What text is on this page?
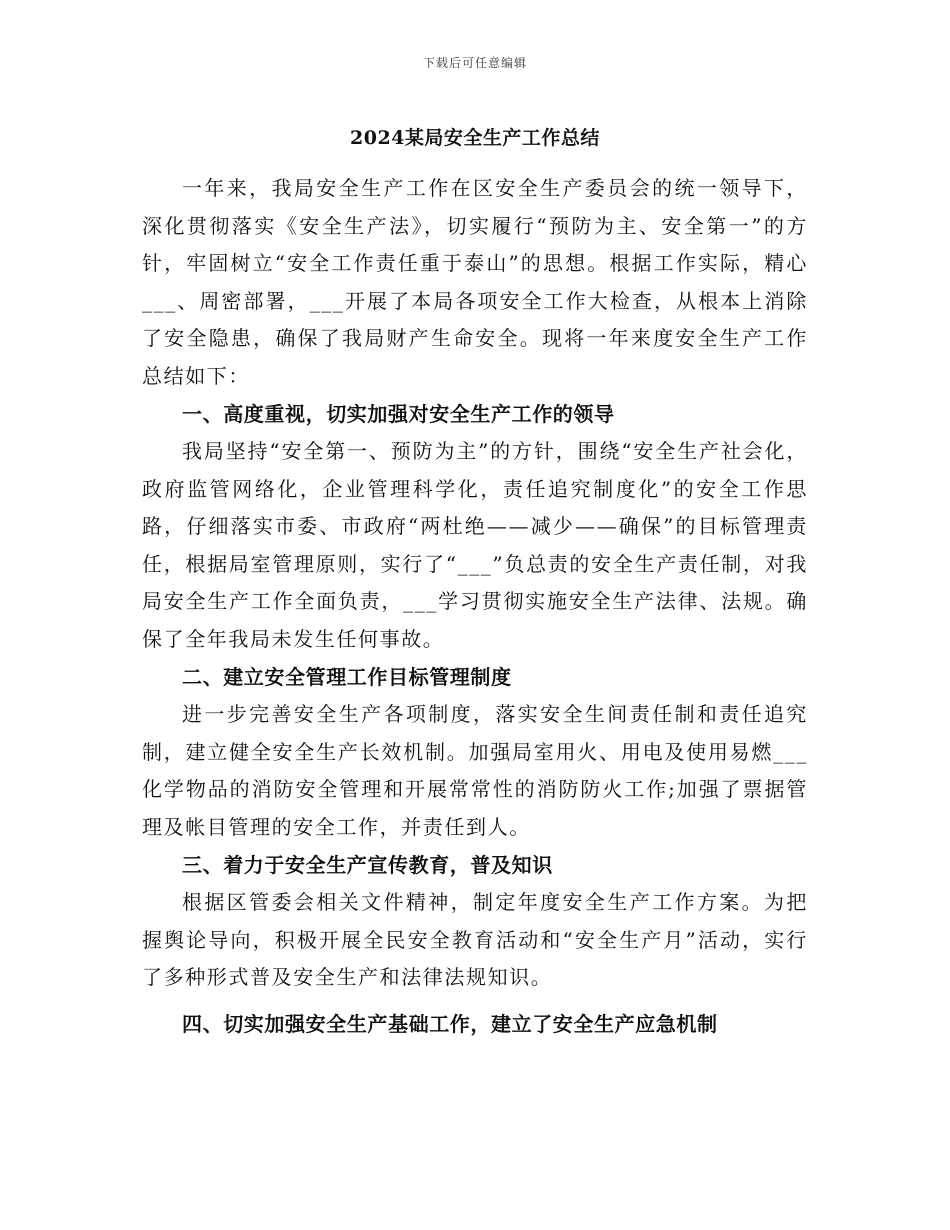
下载后可任意编辑
2024某局安全生产工作总结

一年来，我局安全生产工作在区安全生产委员会的统一领导下，深化贯彻落实《安全生产法》，切实履行“预防为主、安全第一”的方针，牢固树立“安全工作责任重于泰山”的思想。根据工作实际，精心___、周密部署，___开展了本局各项安全工作大检查，从根本上消除了安全隐患，确保了我局财产生命安全。现将一年来度安全生产工作总结如下：

一、高度重视，切实加强对安全生产工作的领导

我局坚持“安全第一、预防为主”的方针，围绕“安全生产社会化，政府监管网络化，企业管理科学化，责任追究制度化”的安全工作思路，仔细落实市委、市政府“两杜绝——减少——确保”的目标管理责任，根据局室管理原则，实行了“___”负总责的安全生产责任制，对我局安全生产工作全面负责，___学习贯彻实施安全生产法律、法规。确保了全年我局未发生任何事故。

二、建立安全管理工作目标管理制度

进一步完善安全生产各项制度，落实安全生间责任制和责任追究制，建立健全安全生产长效机制。加强局室用火、用电及使用易燃___化学物品的消防安全管理和开展常常性的消防防火工作;加强了票据管理及帐目管理的安全工作，并责任到人。

三、着力于安全生产宣传教育，普及知识

根据区管委会相关文件精神，制定年度安全生产工作方案。为把握舆论导向，积极开展全民安全教育活动和“安全生产月”活动，实行了多种形式普及安全生产和法律法规知识。

四、切实加强安全生产基础工作，建立了安全生产应急机制
